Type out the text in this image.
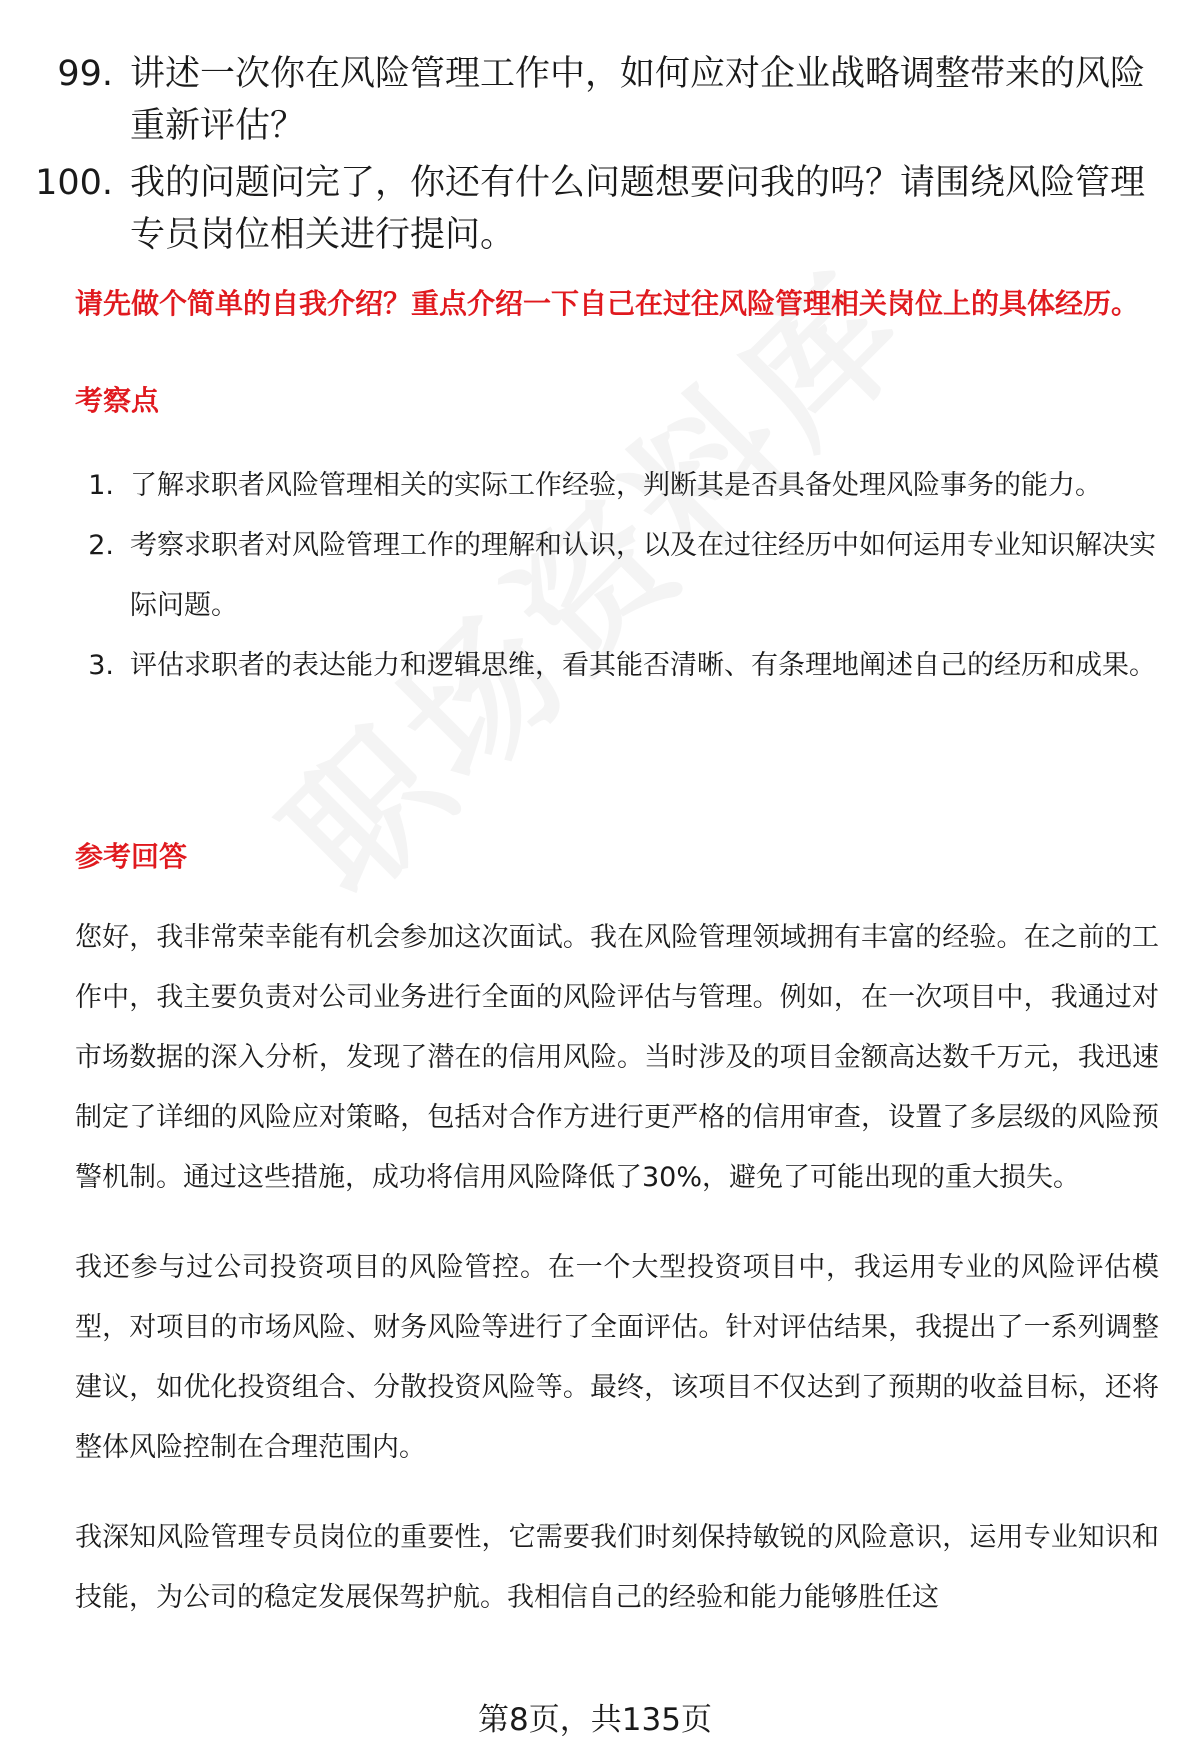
99. 讲述一次你在风险管理工作中，如何应对企业战略调整带来的风险重新评估？
100. 我的问题问完了，你还有什么问题想要问我的吗？请围绕风险管理专员岗位相关进行提问。
请先做个简单的自我介绍？重点介绍一下自己在过往风险管理相关岗位上的具体经历。
考察点
1. 了解求职者风险管理相关的实际工作经验，判断其是否具备处理风险事务的能力。
2. 考察求职者对风险管理工作的理解和认识，以及在过往经历中如何运用专业知识解决实际问题。
3. 评估求职者的表达能力和逻辑思维，看其能否清晰、有条理地阐述自己的经历和成果。
参考回答

您好，我非常荣幸能有机会参加这次面试。我在风险管理领域拥有丰富的经验。在之前的工作中，我主要负责对公司业务进行全面的风险评估与管理。例如，在一次项目中，我通过对市场数据的深入分析，发现了潜在的信用风险。当时涉及的项目金额高达数千万元，我迅速制定了详细的风险应对策略，包括对合作方进行更严格的信用审查，设置了多层级的风险预警机制。通过这些措施，成功将信用风险降低了30%，避免了可能出现的重大损失。

我还参与过公司投资项目的风险管控。在一个大型投资项目中，我运用专业的风险评估模型，对项目的市场风险、财务风险等进行了全面评估。针对评估结果，我提出了一系列调整建议，如优化投资组合、分散投资风险等。最终，该项目不仅达到了预期的收益目标，还将整体风险控制在合理范围内。

我深知风险管理专员岗位的重要性，它需要我们时刻保持敏锐的风险意识，运用专业知识和技能，为公司的稳定发展保驾护航。我相信自己的经验和能力能够胜任这

第8页，共135页
